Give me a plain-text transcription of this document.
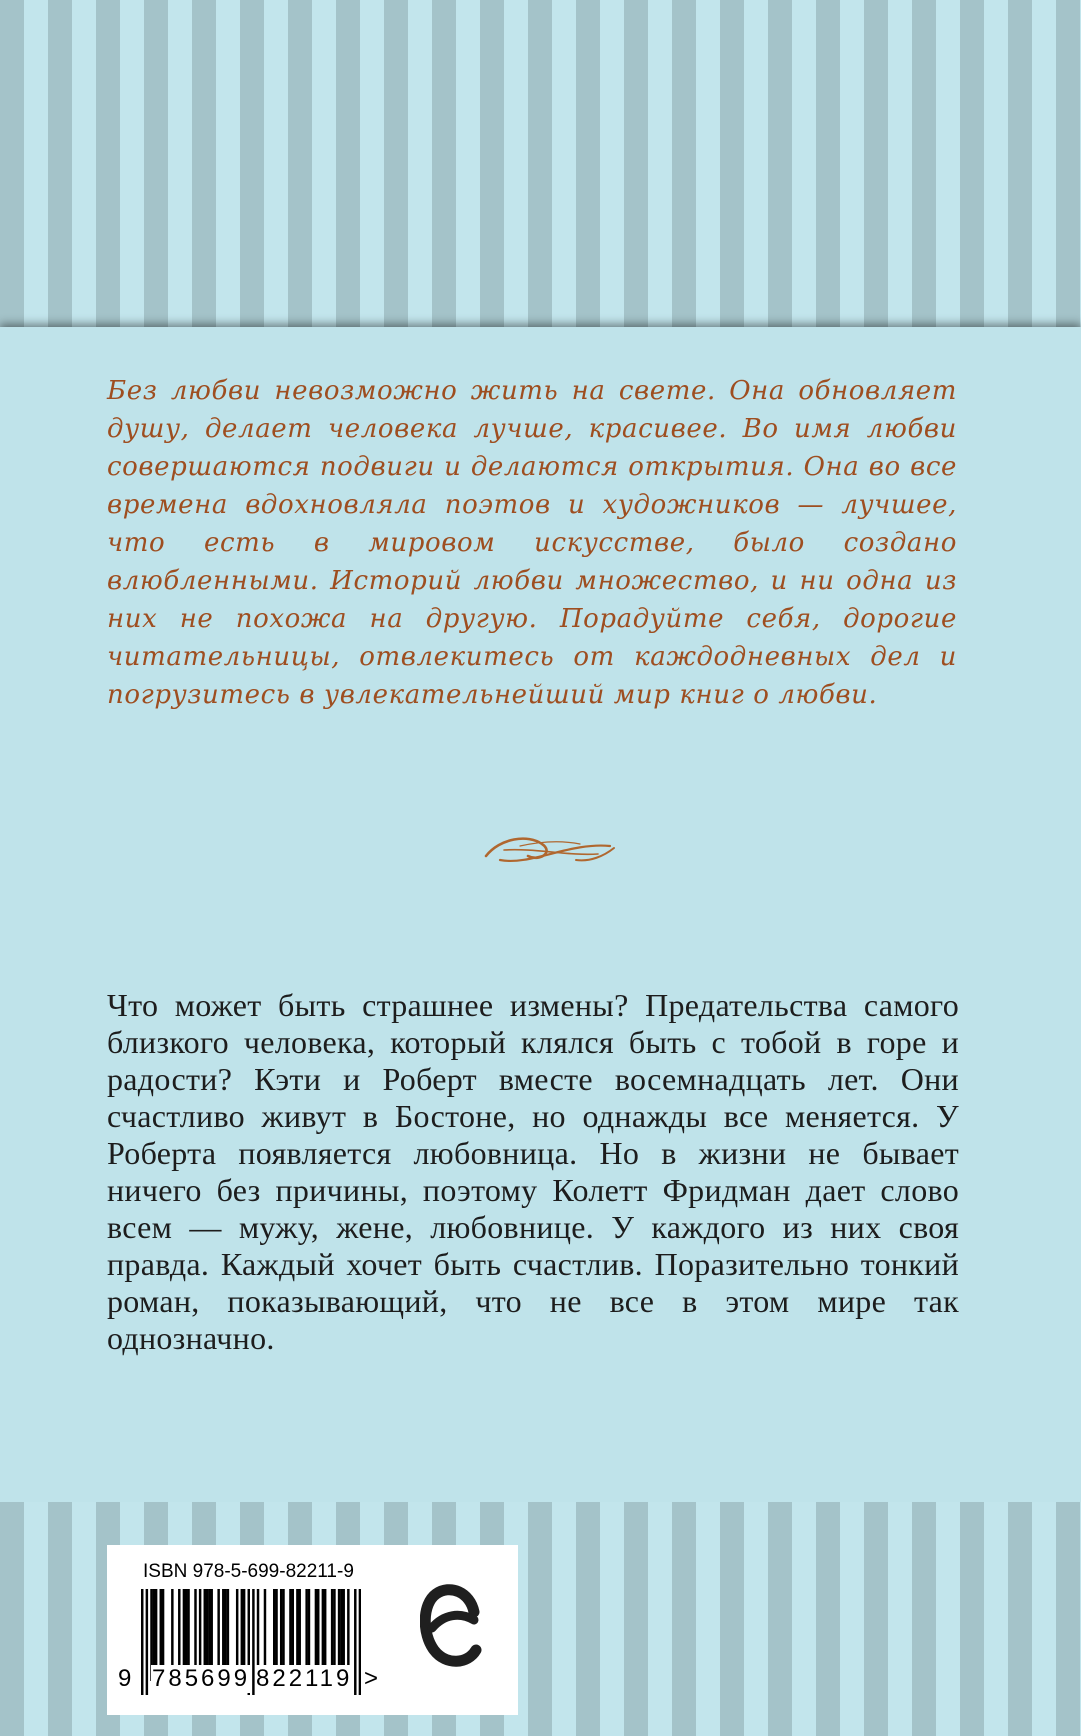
Без любви невозможно жить на свете. Она обновляет душу, делает человека лучше, красивее. Во имя любви совершаются подвиги и делаются открытия. Она во все времена вдохновляла поэтов и художников — лучшее, что есть в мировом искусстве, было создано влюбленными. Историй любви множество, и ни одна из них не похожа на другую. Порадуйте себя, дорогие читательницы, отвлекитесь от каждодневных дел и погрузитесь в увлекательнейший мир книг о любви.

Что может быть страшнее измены? Предательства самого близкого человека, который клялся быть с тобой в горе и радости? Кэти и Роберт вместе восемнадцать лет. Они счастливо живут в Бостоне, но однажды все меняется. У Роберта появляется любовница. Но в жизни не бывает ничего без причины, поэтому Колетт Фридман дает слово всем — мужу, жене, любовнице. У каждого из них своя правда. Каждый хочет быть счастлив. Поразительно тонкий роман, показывающий, что не все в этом мире так однозначно.

ISBN 978-5-699-82211-9
9 785699 822119 >
